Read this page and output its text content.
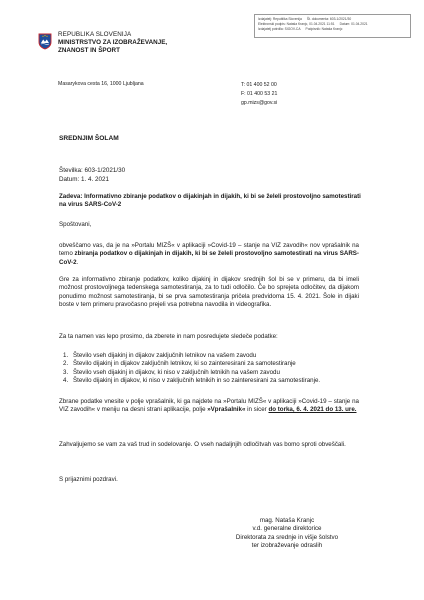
REPUBLIKA SLOVENIJA
MINISTRSTVO ZA IZOBRAŽEVANJE,
ZNANOST IN ŠPORT
Izdajatelj: Republika Slovenija Št. dokumenta: 603-1/2021/30
Elektronski podpis: Nataša Kranjc, 01.04.2021 11:51 Datum: 01.04.2021
Izdajatelj potrdila: SIGOV-CA Podpisnik: Nataša Kranjc
Masarykova cesta 16, 1000 Ljubljana	T: 01 400 52 00
F: 01 400 53 21
gp.mizs@gov.si
SREDNJIM ŠOLAM
Številka: 603-1/2021/30
Datum: 1. 4. 2021
Zadeva: Informativno zbiranje podatkov o dijakinjah in dijakih, ki bi se želeli prostovoljno samotestirati na virus SARS-CoV-2
Spoštovani,
obveščamo vas, da je na »Portalu MIZŠ« v aplikaciji »Covid-19 – stanje na VIZ zavodih« nov vprašalnik na temo zbiranja podatkov o dijakinjah in dijakih, ki bi se želeli prostovoljno samotestirati na virus SARS-CoV-2.
Gre za informativno zbiranje podatkov, koliko dijakinj in dijakov srednjih šol bi se v primeru, da bi imeli možnost prostovoljnega tedenskega samotestiranja, za to tudi odločilo. Če bo sprejeta odločitev, da dijakom ponudimo možnost samotestiranja, bi se prva samotestiranja pričela predvidoma 15. 4. 2021. Šole in dijaki boste v tem primeru pravočasno prejeli vsa potrebna navodila in videografika.
Za ta namen vas lepo prosimo, da zberete in nam posredujete sledeče podatke:
1. Število vseh dijakinj in dijakov zaključnih letnikov na vašem zavodu
2. Število dijakinj in dijakov zaključnih letnikov, ki so zainteresirani za samotestiranje
3. Število vseh dijakinj in dijakov, ki niso v zaključnih letnikih na vašem zavodu
4. Število dijakinj in dijakov, ki niso v zaključnih letnikih in so zainteresirani za samotestiranje.
Zbrane podatke vnesite v polje vprašalnik, ki ga najdete na »Portalu MIZŠ« v aplikaciji »Covid-19 – stanje na VIZ zavodih« v meniju na desni strani aplikacije, polje »Vprašalnik« in sicer do torka, 6. 4. 2021 do 13. ure.
Zahvaljujemo se vam za vaš trud in sodelovanje. O vseh nadaljnjih odločitvah vas bomo sproti obveščali.
S prijaznimi pozdravi.
mag. Nataša Kranjc
v.d. generalne direktorice
Direktorata za srednje in višje šolstvo
ter izobraževanje odraslih
